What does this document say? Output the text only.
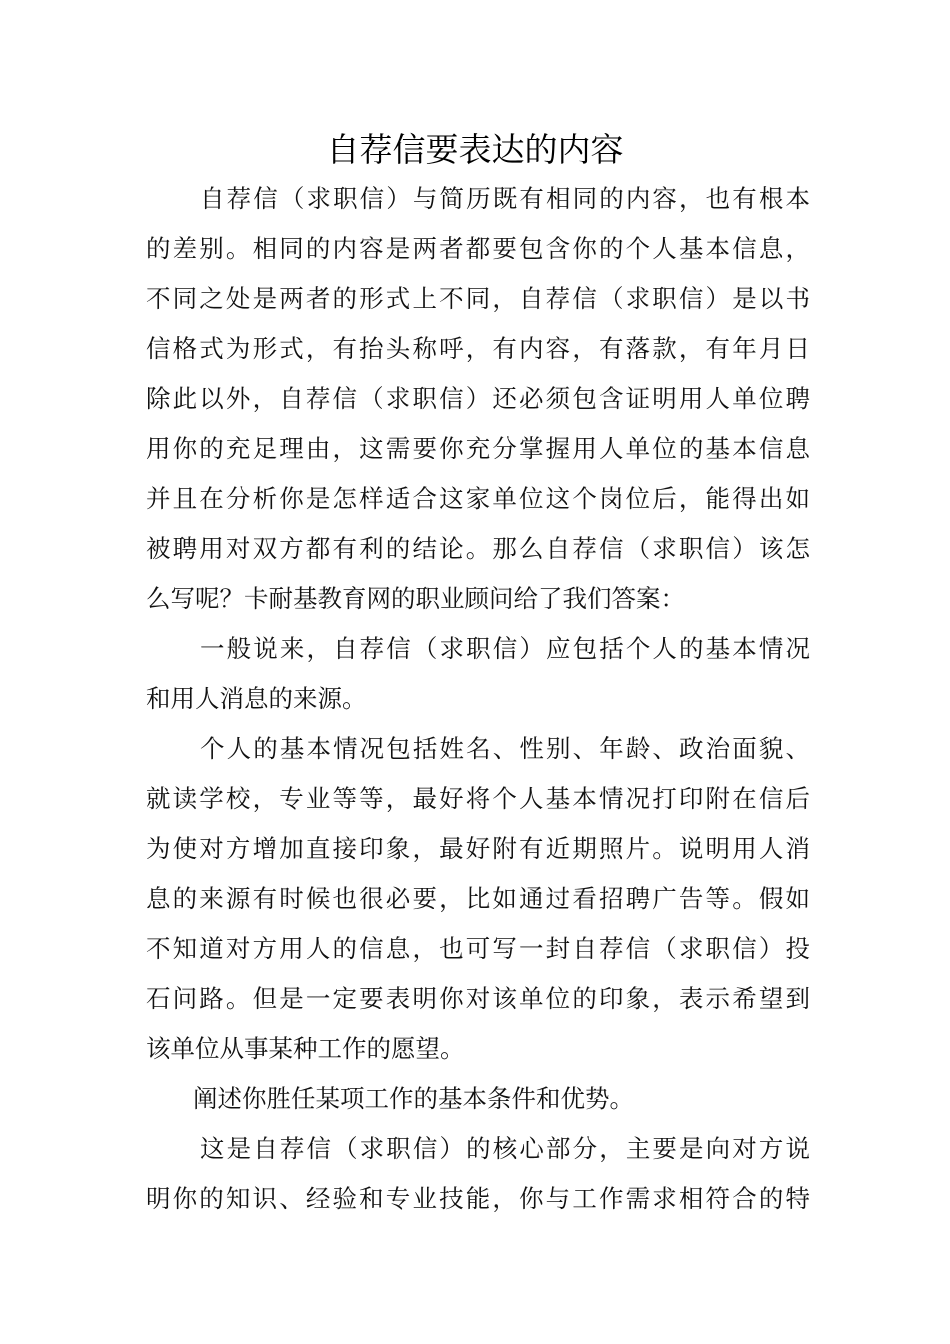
自荐信要表达的内容
自荐信（求职信）与简历既有相同的内容，也有根本
的差别。相同的内容是两者都要包含你的个人基本信息，
不同之处是两者的形式上不同，自荐信（求职信）是以书
信格式为形式，有抬头称呼，有内容，有落款，有年月日
除此以外，自荐信（求职信）还必须包含证明用人单位聘
用你的充足理由，这需要你充分掌握用人单位的基本信息
并且在分析你是怎样适合这家单位这个岗位后，能得出如
被聘用对双方都有利的结论。那么自荐信（求职信）该怎
么写呢？卡耐基教育网的职业顾问给了我们答案：
一般说来，自荐信（求职信）应包括个人的基本情况
和用人消息的来源。
个人的基本情况包括姓名、性别、年龄、政治面貌、
就读学校，专业等等，最好将个人基本情况打印附在信后
为使对方增加直接印象，最好附有近期照片。说明用人消
息的来源有时候也很必要，比如通过看招聘广告等。假如
不知道对方用人的信息，也可写一封自荐信（求职信）投
石问路。但是一定要表明你对该单位的印象，表示希望到
该单位从事某种工作的愿望。
阐述你胜任某项工作的基本条件和优势。
这是自荐信（求职信）的核心部分，主要是向对方说
明你的知识、经验和专业技能，你与工作需求相符合的特
